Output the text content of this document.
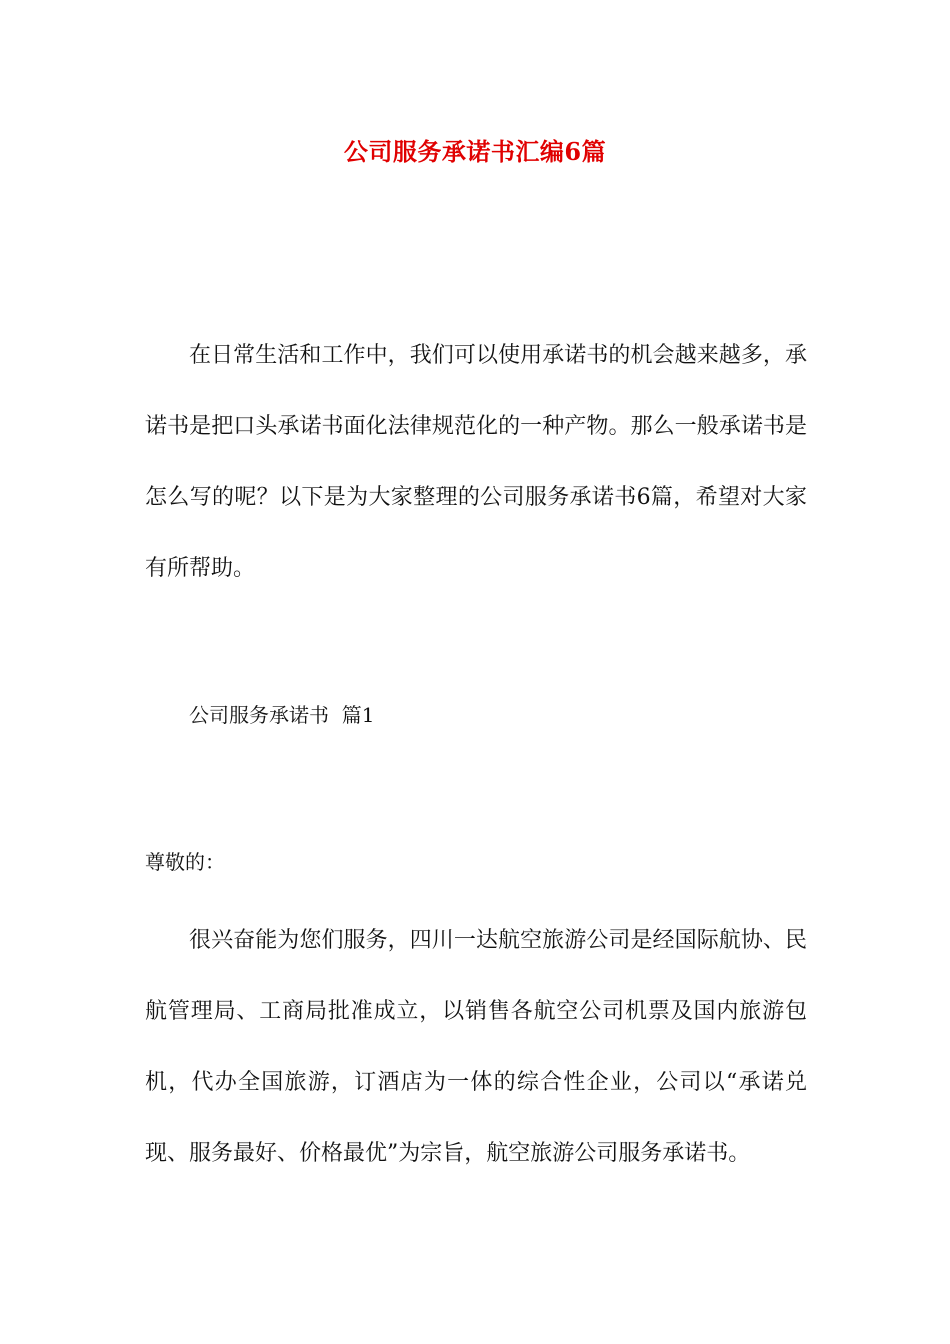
公司服务承诺书汇编6篇

在日常生活和工作中，我们可以使用承诺书的机会越来越多，承诺书是把口头承诺书面化法律规范化的一种产物。那么一般承诺书是怎么写的呢？以下是为大家整理的公司服务承诺书6篇，希望对大家有所帮助。

公司服务承诺书  篇1

尊敬的：

很兴奋能为您们服务，四川一达航空旅游公司是经国际航协、民航管理局、工商局批准成立，以销售各航空公司机票及国内旅游包机，代办全国旅游，订酒店为一体的综合性企业，公司以“承诺兑现、服务最好、价格最优”为宗旨，航空旅游公司服务承诺书。
